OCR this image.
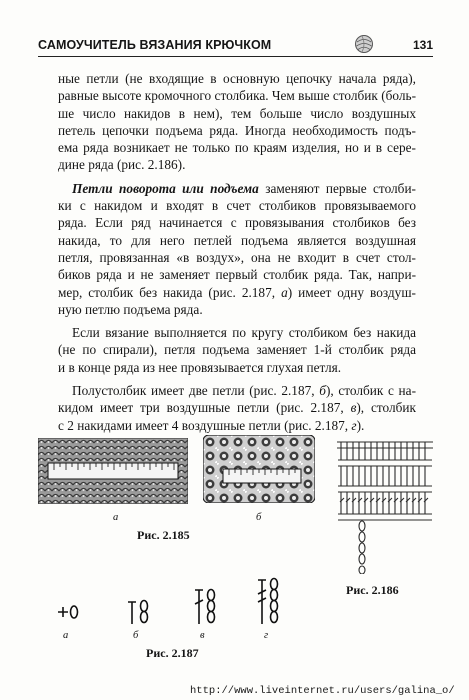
САМОУЧИТЕЛЬ ВЯЗАНИЯ КРЮЧКОМ	131

ные петли (не входящие в основную цепочку начала ряда),
равные высоте кромочного столбика. Чем выше столбик (боль-
ше число накидов в нем), тем больше число воздушных
петель цепочки подъема ряда. Иногда необходимость подъ-
ема ряда возникает не только по краям изделия, но и в сере-
дине ряда (рис. 2.186).

Петли поворота или подъема заменяют первые столби-
ки с накидом и входят в счет столбиков провязываемого
ряда. Если ряд начинается с провязывания столбиков без
накида, то для него петлей подъема является воздушная
петля, провязанная «в воздух», она не входит в счет стол-
биков ряда и не заменяет первый столбик ряда. Так, напри-
мер, столбик без накида (рис. 2.187, а) имеет одну воздуш-
ную петлю подъема ряда.

Если вязание выполняется по кругу столбиком без накида
(не по спирали), петля подъема заменяет 1-й столбик ряда
и в конце ряда из нее провязывается глухая петля.

Полустолбик имеет две петли (рис. 2.187, б), столбик с на-
кидом имеет три воздушные петли (рис. 2.187, в), столбик
с 2 накидами имеет 4 воздушные петли (рис. 2.187, г).

а	б
Рис. 2.185
Рис. 2.186
а	б	в	г
Рис. 2.187
http://www.liveinternet.ru/users/galina_o/
